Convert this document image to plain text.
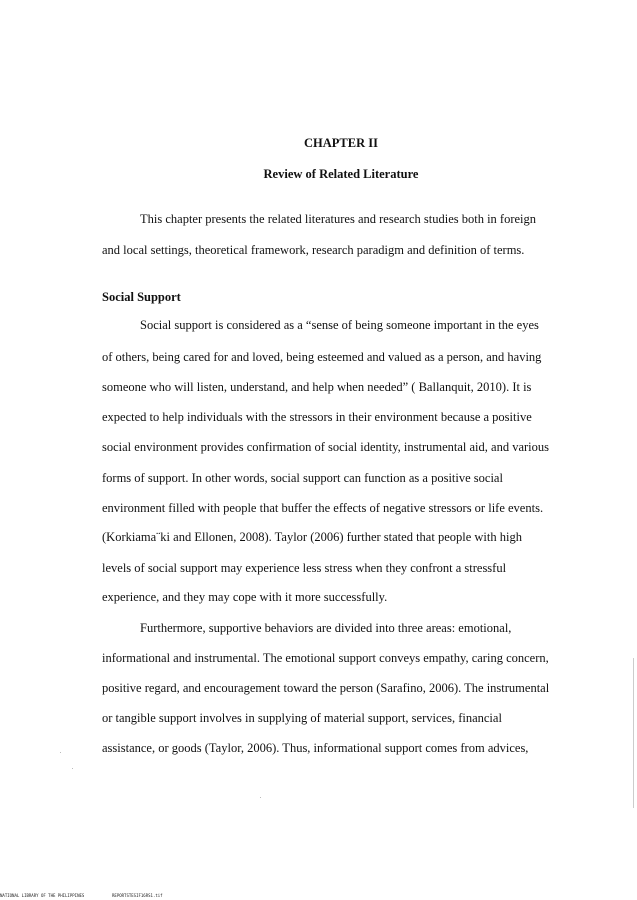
CHAPTER II
Review of Related Literature
This chapter presents the related literatures and research studies both in foreign
and local settings, theoretical framework, research paradigm and definition of terms.
Social Support
Social support is considered as a “sense of being someone important in the eyes
of others, being cared for and loved, being esteemed and valued as a person, and having
someone who will listen, understand, and help when needed” ( Ballanquit, 2010). It is
expected to help individuals with the stressors in their environment because a positive
social environment provides confirmation of social identity, instrumental aid, and various
forms of support. In other words, social support can function as a positive social
environment filled with people that buffer the effects of negative stressors or life events.
(Korkiama¨ki and Ellonen, 2008). Taylor (2006) further stated that people with high
levels of social support may experience less stress when they confront a stressful
experience, and they may cope with it more successfully.
Furthermore, supportive behaviors are divided into three areas: emotional,
informational and instrumental. The emotional support conveys empathy, caring concern,
positive regard, and encouragement toward the person (Sarafino, 2006). The instrumental
or tangible support involves in supplying of material support, services, financial
assistance, or goods (Taylor, 2006). Thus, informational support comes from advices,
NATIONAL LIBRARY OF THE PHILIPPINES	REPORTSTESIF16RS1.tif
